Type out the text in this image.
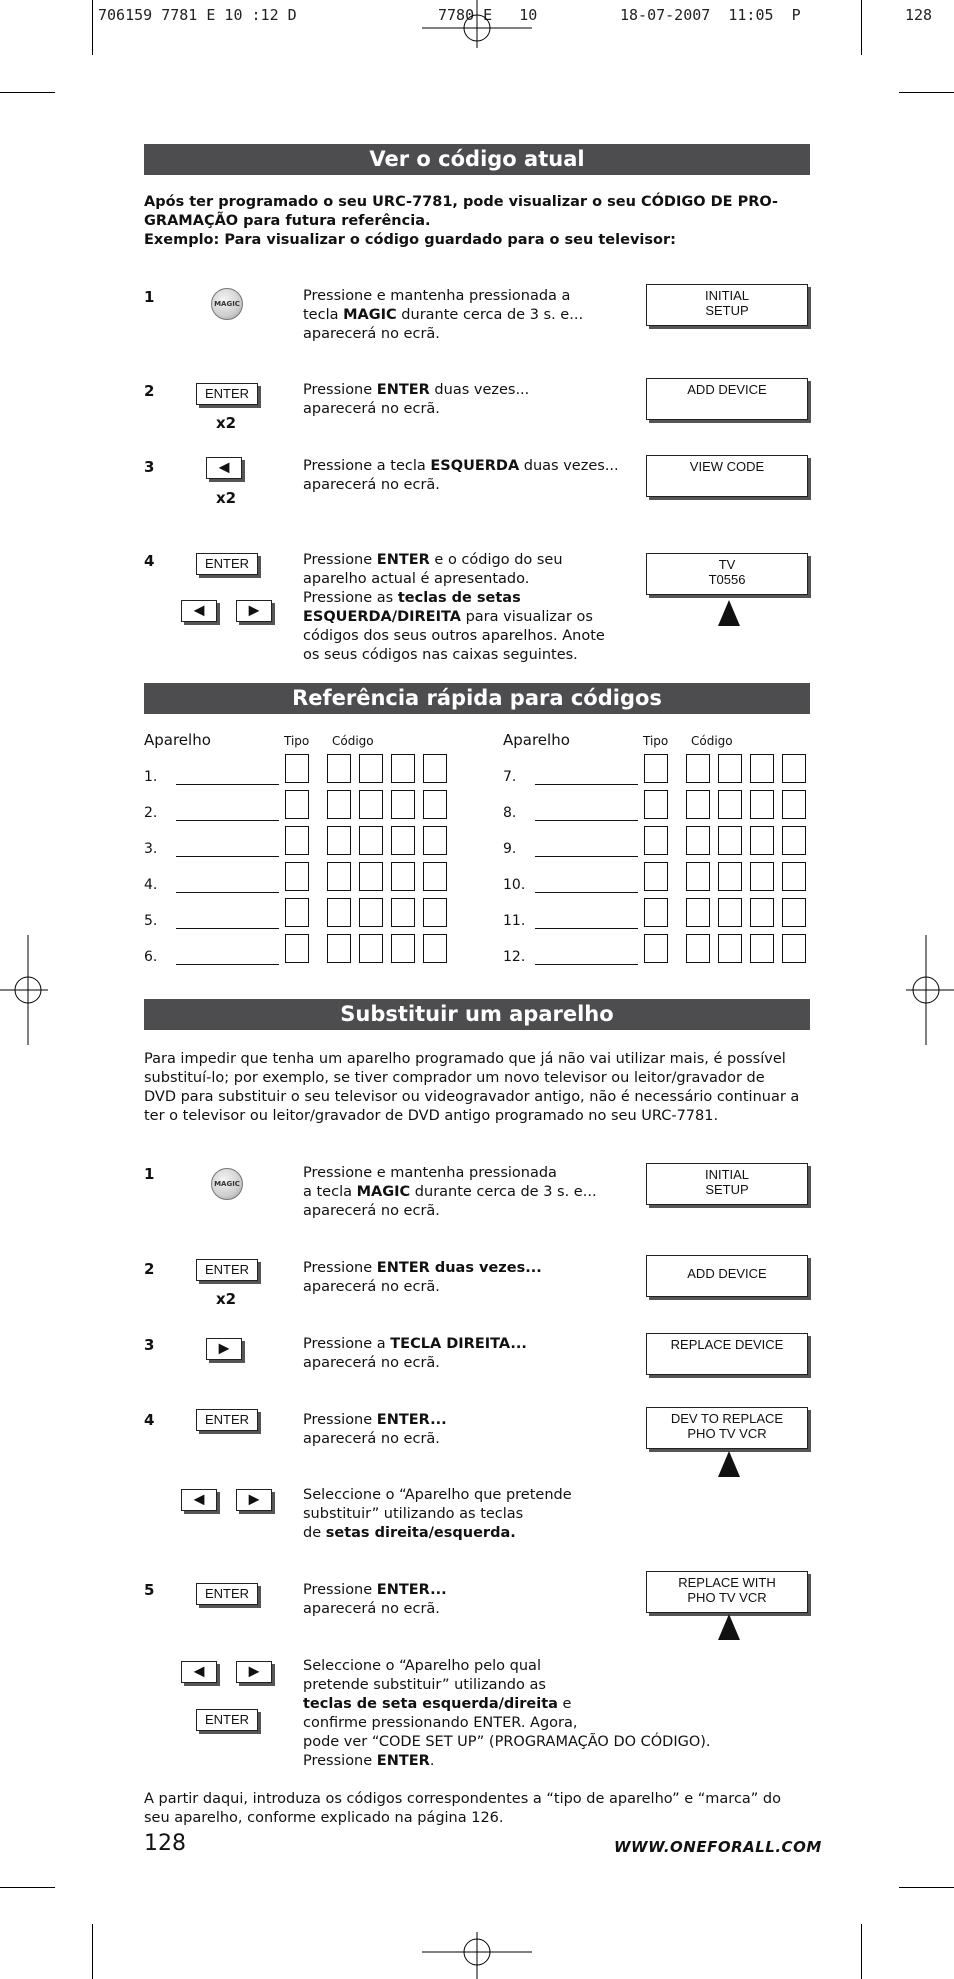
706159 7781 E 10 :12 D	7780 E   10	18-07-2007  11:05  P	128
Ver o código atual
Após ter programado o seu URC-7781, pode visualizar o seu CÓDIGO DE PRO-
GRAMAÇÃO para futura referência.
Exemplo: Para visualizar o código guardado para o seu televisor:
1	MAGIC	Pressione e mantenha pressionada a
tecla MAGIC durante cerca de 3 s. e...
aparecerá no ecrã.
INITIAL
SETUP
2	ENTER
x2
Pressione ENTER duas vezes...
aparecerá no ecrã.
ADD DEVICE
3	◄
x2
Pressione a tecla ESQUERDA duas vezes...
aparecerá no ecrã.
VIEW CODE
4	ENTER
◄	►
Pressione ENTER e o código do seu
aparelho actual é apresentado.
Pressione as teclas de setas
ESQUERDA/DIREITA para visualizar os
códigos dos seus outros aparelhos. Anote
os seus códigos nas caixas seguintes.
TV
T0556
Referência rápida para códigos
Aparelho	Tipo Código	Aparelho	Tipo Código
1.
2.
3.
4.
5.
6.
7.
8.
9.
10.
11.
12.
Substituir um aparelho
Para impedir que tenha um aparelho programado que já não vai utilizar mais, é possível
substituí-lo; por exemplo, se tiver comprador um novo televisor ou leitor/gravador de
DVD para substituir o seu televisor ou videogravador antigo, não é necessário continuar a
ter o televisor ou leitor/gravador de DVD antigo programado no seu URC-7781.
1
MAGIC
Pressione e mantenha pressionada
a tecla MAGIC durante cerca de 3 s. e...
aparecerá no ecrã.
INITIAL
SETUP
2	ENTER
x2
Pressione ENTER duas vezes...
aparecerá no ecrã.
ADD DEVICE
3	►	Pressione a TECLA DIREITA...
aparecerá no ecrã.
REPLACE DEVICE
4	ENTER	Pressione ENTER...
aparecerá no ecrã.
DEV TO REPLACE
PHO TV VCR
◄	►	Seleccione o “Aparelho que pretende
substituir” utilizando as teclas
de setas direita/esquerda.
5	ENTER	Pressione ENTER...
aparecerá no ecrã.
REPLACE WITH
PHO TV VCR
◄	►
ENTER
Seleccione o “Aparelho pelo qual
pretende substituir” utilizando as
teclas de seta esquerda/direita e
confirme pressionando ENTER. Agora,
pode ver “CODE SET UP” (PROGRAMAÇÃO DO CÓDIGO).
Pressione ENTER.
A partir daqui, introduza os códigos correspondentes a “tipo de aparelho” e “marca” do
seu aparelho, conforme explicado na página 126.
128	WWW.ONEFORALL.COM
